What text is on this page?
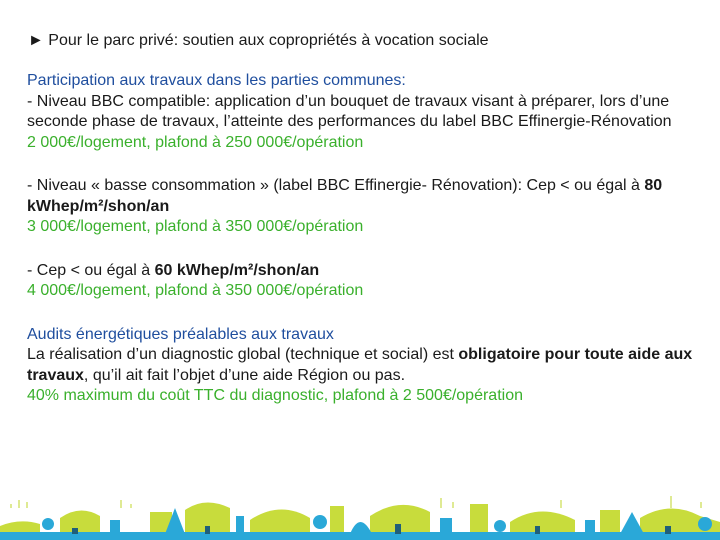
► Pour le parc privé: soutien aux copropriétés à vocation sociale

Participation aux travaux dans les parties communes:

- Niveau BBC compatible: application d’un bouquet de travaux visant à préparer, lors d’une seconde phase de travaux, l’atteinte des performances du label BBC Effinergie-Rénovation

2 000€/logement, plafond à 250 000€/opération

- Niveau « basse consommation » (label BBC Effinergie- Rénovation): Cep < ou égal à 80 kWhep/m²/shon/an

3 000€/logement, plafond à 350 000€/opération

- Cep < ou égal à 60 kWhep/m²/shon/an

4 000€/logement, plafond à 350 000€/opération

Audits énergétiques préalables aux travaux

La réalisation d’un diagnostic global (technique et social) est obligatoire pour toute aide aux travaux, qu’il ait fait l’objet d’une aide Région ou pas.

40% maximum du coût TTC du diagnostic, plafond à 2 500€/opération
